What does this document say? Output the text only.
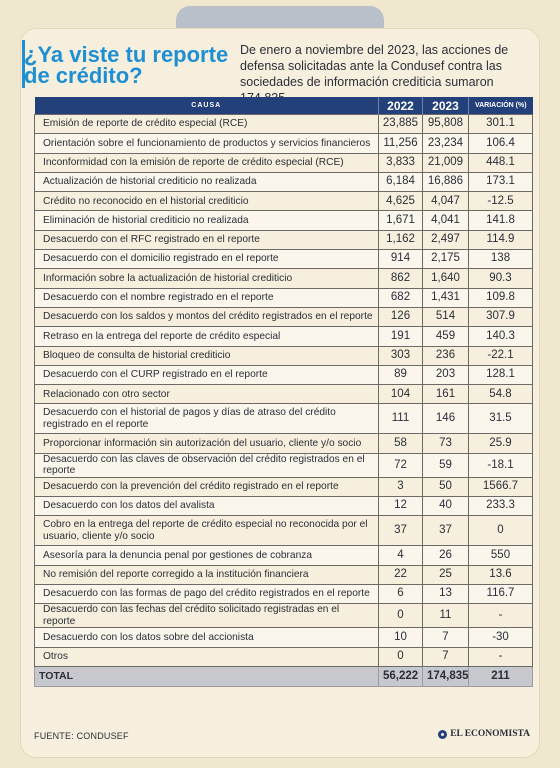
¿Ya viste tu reporte de crédito?

De enero a noviembre del 2023, las acciones de defensa solicitadas ante la Condusef contra las sociedades de información crediticia sumaron

CAUSA	2022	2023	VARIACIÓN (%)
Emisión de reporte de crédito especial (RCE)	23,885	95,808	301.1
Orientación sobre el funcionamiento de productos y servicios financieros	11,256	23,234	106.4
Inconformidad con la emisión de reporte de crédito especial (RCE)	3,833	21,009	448.1
Actualización de historial crediticio no realizada	6,184	16,886	173.1
Crédito no reconocido en el historial crediticio	4,625	4,047	-12.5
Eliminación de historial crediticio no realizada	1,671	4,041	141.8
Desacuerdo con el RFC registrado en el reporte	1,162	2,497	114.9
Desacuerdo con el domicilio registrado en el reporte	914	2,175	138
Información sobre la actualización de historial crediticio	862	1,640	90.3
Desacuerdo con el nombre registrado en el reporte	682	1,431	109.8
Desacuerdo con los saldos y montos del crédito registrados en el reporte	126	514	307.9
Retraso en la entrega del reporte de crédito especial	191	459	140.3
Bloqueo de consulta de historial crediticio	303	236	-22.1
Desacuerdo con el CURP registrado en el reporte	89	203	128.1
Relacionado con otro sector	104	161	54.8
Desacuerdo con el historial de pagos y días de atraso del crédito registrado en el reporte	111	146	31.5
Proporcionar información sin autorización del usuario, cliente y/o socio	58	73	25.9
Desacuerdo con las claves de observación del crédito registrados en el reporte	72	59	-18.1
Desacuerdo con la prevención del crédito registrado en el reporte	3	50	1566.7
Desacuerdo con los datos del avalista	12	40	233.3
Cobro en la entrega del reporte de crédito especial no reconocida por el usuario, cliente y/o socio	37	37	0
Asesoría para la denuncia penal por gestiones de cobranza	4	26	550
No remisión del reporte corregido a la institución financiera	22	25	13.6
Desacuerdo con las formas de pago del crédito registrados en el reporte	6	13	116.7
Desacuerdo con las fechas del crédito solicitado registradas en el reporte	0	11	-
Desacuerdo con los datos sobre del accionista	10	7	-30
Otros	0	7	-
TOTAL	56,222	174,835	211
FUENTE: CONDUSEF	EL ECONOMISTA
